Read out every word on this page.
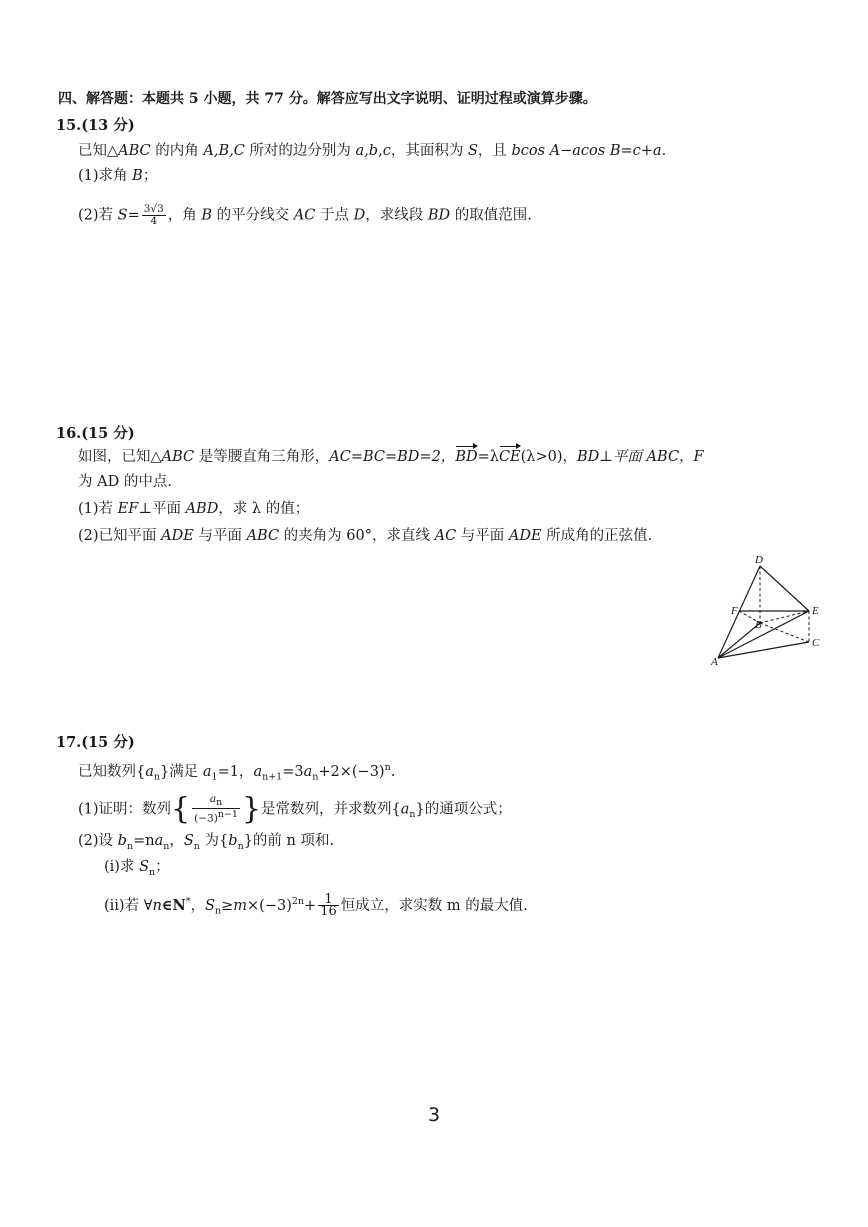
四、解答题：本题共 5 小题，共 77 分。解答应写出文字说明、证明过程或演算步骤。
15.(13 分)
已知△ABC 的内角 A,B,C 所对的边分别为 a,b,c，其面积为 S，且 bcos A−acos B=c+a.
(1)求角 B；
(2)若 $S= \frac{3√3}{4}$ ，角 B 的平分线交 AC 于点 D，求线段 BD 的取值范围.
16.(15 分)
如图，已知△ABC 是等腰直角三角形，AC=BC=BD=2，BD=λCE(λ>0)，BD⊥平面 ABC，F
为 AD 的中点.
(1)若 EF⊥平面 ABD，求 λ 的值；
(2)已知平面 ADE 与平面 ABC 的夹角为 60°，求直线 AC 与平面 ADE 所成角的正弦值.
D
F	E
B
C
A
17.(15 分)
已知数列$\{a_n\}$满足 $a_1=1$，$a_{n+1}=3a_n+2\times(-3)^n$.
(1)证明：数列{ $\frac{a_n}{(-3)^{n-1}}$ }是常数列，并求数列$\{a_n\}$的通项公式；
(2)设 $b_n=na_n$，$S_n$ 为$\{b_n\}$的前 n 项和.
(i)求 $S_n$；
(ii)若 ∀n∈N*，$S_n\ge m\times(-3)^{2n}+ \frac{1}{16}$ 恒成立，求实数 m 的最大值.
3
